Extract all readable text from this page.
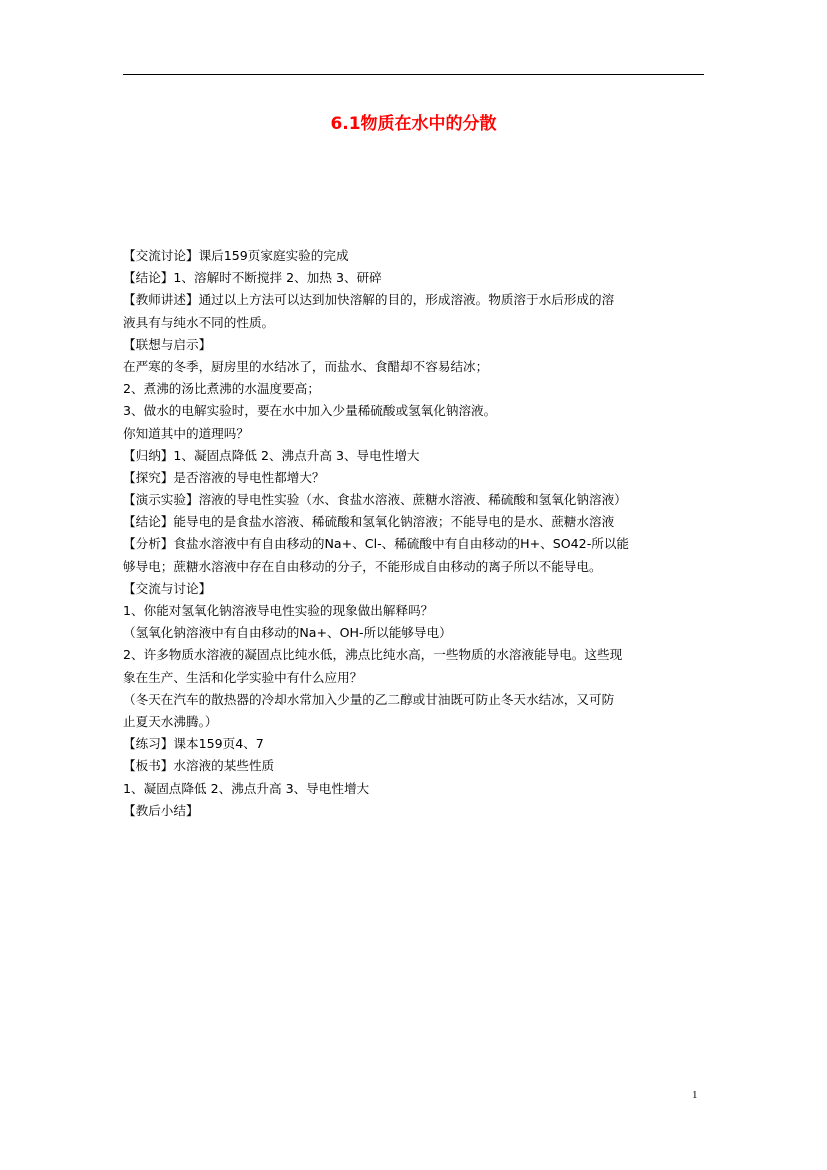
6.1物质在水中的分散
【交流讨论】课后159页家庭实验的完成
【结论】1、溶解时不断搅拌 2、加热 3、研碎
【教师讲述】通过以上方法可以达到加快溶解的目的，形成溶液。物质溶于水后形成的溶
液具有与纯水不同的性质。
【联想与启示】
在严寒的冬季，厨房里的水结冰了，而盐水、食醋却不容易结冰；
2、煮沸的汤比煮沸的水温度要高；
3、做水的电解实验时，要在水中加入少量稀硫酸或氢氧化钠溶液。
你知道其中的道理吗？
【归纳】1、凝固点降低 2、沸点升高 3、导电性增大
【探究】是否溶液的导电性都增大？
【演示实验】溶液的导电性实验（水、食盐水溶液、蔗糖水溶液、稀硫酸和氢氧化钠溶液）
【结论】能导电的是食盐水溶液、稀硫酸和氢氧化钠溶液；不能导电的是水、蔗糖水溶液
【分析】食盐水溶液中有自由移动的Na+、Cl-、稀硫酸中有自由移动的H+、SO42-所以能
够导电；蔗糖水溶液中存在自由移动的分子，不能形成自由移动的离子所以不能导电。
【交流与讨论】
1、你能对氢氧化钠溶液导电性实验的现象做出解释吗？
（氢氧化钠溶液中有自由移动的Na+、OH-所以能够导电）
2、许多物质水溶液的凝固点比纯水低，沸点比纯水高，一些物质的水溶液能导电。这些现
象在生产、生活和化学实验中有什么应用？
（冬天在汽车的散热器的冷却水常加入少量的乙二醇或甘油既可防止冬天水结冰，又可防
止夏天水沸腾。）
【练习】课本159页4、7
【板书】水溶液的某些性质
1、凝固点降低 2、沸点升高 3、导电性增大
【教后小结】
1
